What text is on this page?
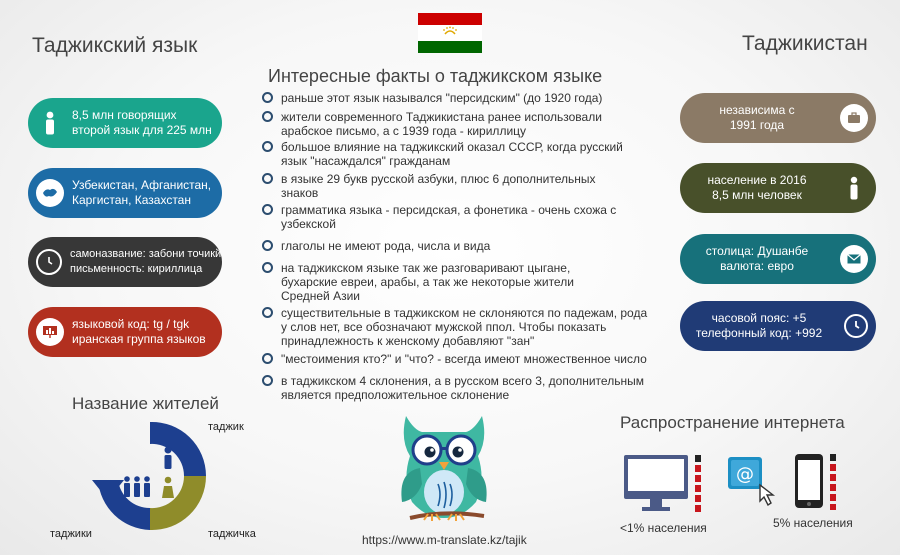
Таджикский язык	Таджикистан
Интересные факты о таджикском языке
8,5 млн говорящих
второй язык для 225 млн
Узбекистан, Афганистан,
Каргистан, Казахстан
самоназвание: забони точикй
письменность: кириллица
языковой код: tg / tgk
иранская группа языков
независима с
1991 года
население в 2016
8,5 млн человек
столица: Душанбе
валюта: евро
часовой пояс: +5
телефонный код: +992
раньше этот язык назывался "персидским" (до 1920 года)
жители современного Таджикистана ранее использовали арабское письмо, а с 1939 года - кириллицу
большое влияние на таджикский оказал СССР, когда русский язык "насаждался" гражданам
в языке 29 букв русской азбуки, плюс 6 дополнительных знаков
грамматика языка - персидская, а фонетика - очень схожа с узбекской
глаголы не имеют рода, числа и вида
на таджикском языке так же разговаривают цыгане, бухарские евреи, арабы, а так же некоторые жители Средней Азии
существительные в таджикском не склоняются по падежам, рода у слов нет, все обозначают мужской ппол. Чтобы показать принадлежность к женскому добавляют "зан"
"местоимения кто?" и "что? - всегда имеют множественное число
в таджикском 4 склонения, а в русском всего 3, дополнительным является предположительное склонение
Название жителей
таджик
таджичка
таджики	https://www.m-translate.kz/tajik
Распространение интернета
<1% населения
@
5% населения
